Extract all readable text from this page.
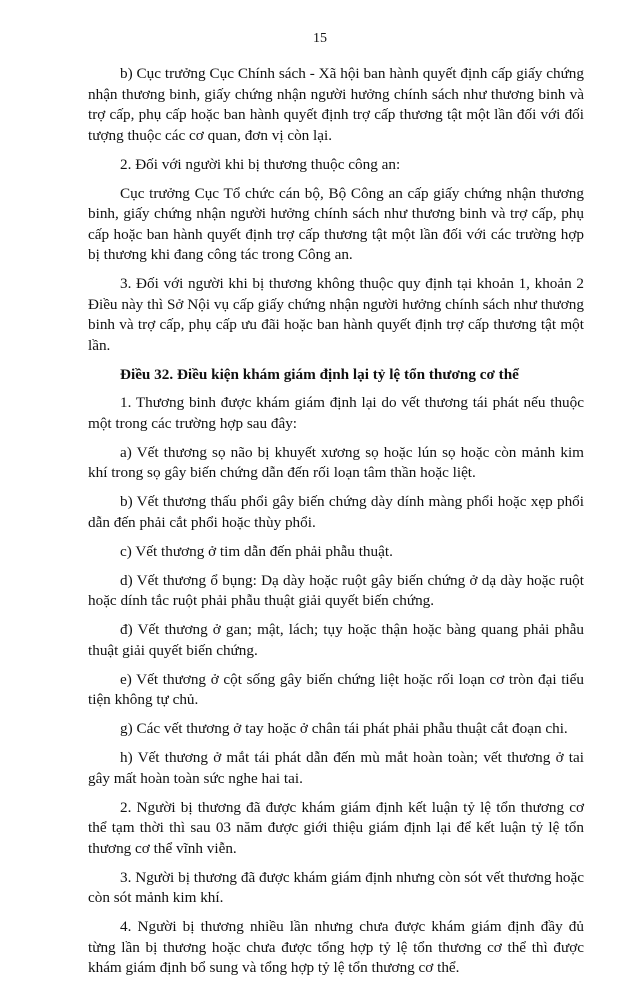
15

b) Cục trưởng Cục Chính sách - Xã hội ban hành quyết định cấp giấy chứng nhận thương binh, giấy chứng nhận người hưởng chính sách như thương binh và trợ cấp, phụ cấp hoặc ban hành quyết định trợ cấp thương tật một lần đối với đối tượng thuộc các cơ quan, đơn vị còn lại.

2. Đối với người khi bị thương thuộc công an:

Cục trưởng Cục Tổ chức cán bộ, Bộ Công an cấp giấy chứng nhận thương binh, giấy chứng nhận người hưởng chính sách như thương binh và trợ cấp, phụ cấp hoặc ban hành quyết định trợ cấp thương tật một lần đối với các trường hợp bị thương khi đang công tác trong Công an.

3. Đối với người khi bị thương không thuộc quy định tại khoản 1, khoản 2 Điều này thì Sở Nội vụ cấp giấy chứng nhận người hưởng chính sách như thương binh và trợ cấp, phụ cấp ưu đãi hoặc ban hành quyết định trợ cấp thương tật một lần.

Điều 32. Điều kiện khám giám định lại tỷ lệ tổn thương cơ thể

1. Thương binh được khám giám định lại do vết thương tái phát nếu thuộc một trong các trường hợp sau đây:

a) Vết thương sọ não bị khuyết xương sọ hoặc lún sọ hoặc còn mảnh kim khí trong sọ gây biến chứng dẫn đến rối loạn tâm thần hoặc liệt.

b) Vết thương thấu phổi gây biến chứng dày dính màng phổi hoặc xẹp phổi dẫn đến phải cắt phổi hoặc thùy phổi.

c) Vết thương ở tim dẫn đến phải phẫu thuật.

d) Vết thương ổ bụng: Dạ dày hoặc ruột gây biến chứng ở dạ dày hoặc ruột hoặc dính tắc ruột phải phẫu thuật giải quyết biến chứng.

đ) Vết thương ở gan; mật, lách; tụy hoặc thận hoặc bàng quang phải phẫu thuật giải quyết biến chứng.

e) Vết thương ở cột sống gây biến chứng liệt hoặc rối loạn cơ tròn đại tiểu tiện không tự chủ.

g) Các vết thương ở tay hoặc ở chân tái phát phải phẫu thuật cắt đoạn chi.

h) Vết thương ở mắt tái phát dẫn đến mù mắt hoàn toàn; vết thương ở tai gây mất hoàn toàn sức nghe hai tai.

2. Người bị thương đã được khám giám định kết luận tỷ lệ tổn thương cơ thể tạm thời thì sau 03 năm được giới thiệu giám định lại để kết luận tỷ lệ tổn thương cơ thể vĩnh viễn.

3. Người bị thương đã được khám giám định nhưng còn sót vết thương hoặc còn sót mảnh kim khí.

4. Người bị thương nhiều lần nhưng chưa được khám giám định đầy đủ từng lần bị thương hoặc chưa được tổng hợp tỷ lệ tổn thương cơ thể thì được khám giám định bổ sung và tổng hợp tỷ lệ tổn thương cơ thể.
